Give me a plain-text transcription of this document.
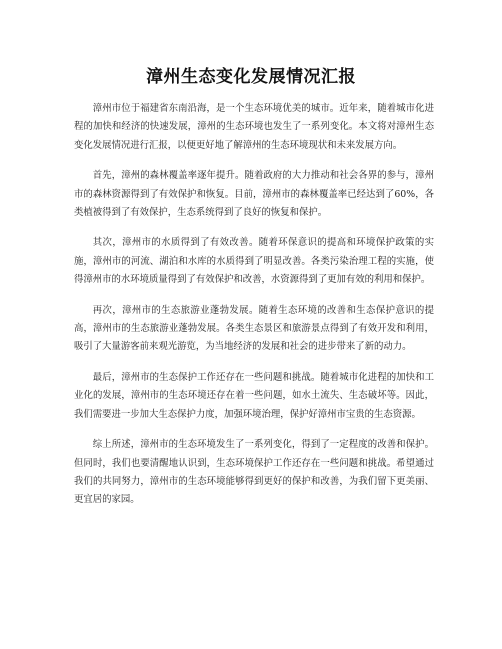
漳州生态变化发展情况汇报

漳州市位于福建省东南沿海，是一个生态环境优美的城市。近年来，随着城市化进程的加快和经济的快速发展，漳州的生态环境也发生了一系列变化。本文将对漳州生态变化发展情况进行汇报，以便更好地了解漳州的生态环境现状和未来发展方向。

首先，漳州的森林覆盖率逐年提升。随着政府的大力推动和社会各界的参与，漳州市的森林资源得到了有效保护和恢复。目前，漳州市的森林覆盖率已经达到了60%，各类植被得到了有效保护，生态系统得到了良好的恢复和保护。

其次，漳州市的水质得到了有效改善。随着环保意识的提高和环境保护政策的实施，漳州市的河流、湖泊和水库的水质得到了明显改善。各类污染治理工程的实施，使得漳州市的水环境质量得到了有效保护和改善，水资源得到了更加有效的利用和保护。

再次，漳州市的生态旅游业蓬勃发展。随着生态环境的改善和生态保护意识的提高，漳州市的生态旅游业蓬勃发展。各类生态景区和旅游景点得到了有效开发和利用，吸引了大量游客前来观光游览，为当地经济的发展和社会的进步带来了新的动力。

最后，漳州市的生态保护工作还存在一些问题和挑战。随着城市化进程的加快和工业化的发展，漳州市的生态环境还存在着一些问题，如水土流失、生态破坏等。因此，我们需要进一步加大生态保护力度，加强环境治理，保护好漳州市宝贵的生态资源。

综上所述，漳州市的生态环境发生了一系列变化，得到了一定程度的改善和保护。但同时，我们也要清醒地认识到，生态环境保护工作还存在一些问题和挑战。希望通过我们的共同努力，漳州市的生态环境能够得到更好的保护和改善，为我们留下更美丽、更宜居的家园。
